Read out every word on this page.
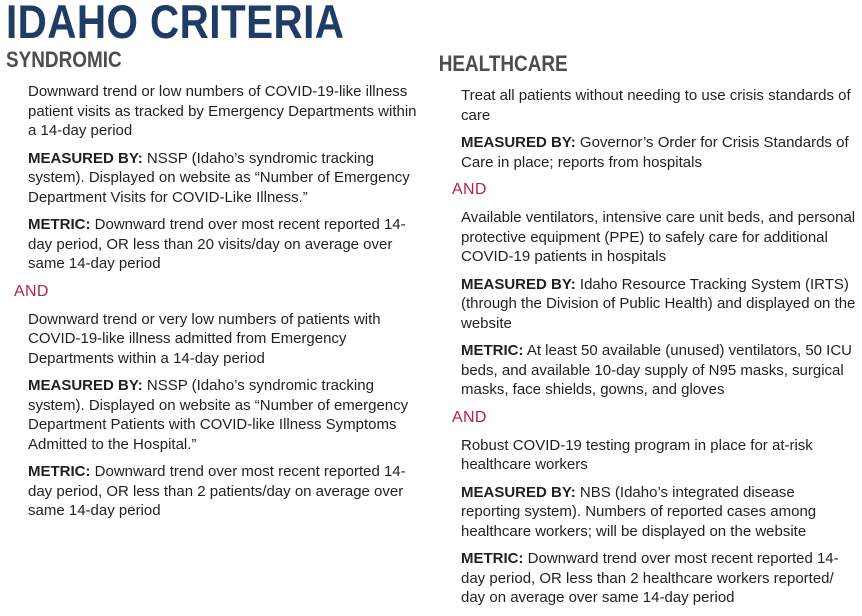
IDAHO CRITERIA
SYNDROMIC

Downward trend or low numbers of COVID-19-like illness patient visits as tracked by Emergency Departments within a 14-day period

MEASURED BY: NSSP (Idaho’s syndromic tracking system). Displayed on website as “Number of Emergency Department Visits for COVID-Like Illness.”

METRIC: Downward trend over most recent reported 14-day period, OR less than 20 visits/day on average over same 14-day period

AND

Downward trend or very low numbers of patients with COVID-19-like illness admitted from Emergency Departments within a 14-day period

MEASURED BY: NSSP (Idaho’s syndromic tracking system). Displayed on website as “Number of emergency Department Patients with COVID-like Illness Symptoms Admitted to the Hospital.”

METRIC: Downward trend over most recent reported 14-day period, OR less than 2 patients/day on average over same 14-day period

HEALTHCARE

Treat all patients without needing to use crisis standards of care

MEASURED BY: Governor’s Order for Crisis Standards of Care in place; reports from hospitals

AND

Available ventilators, intensive care unit beds, and personal protective equipment (PPE) to safely care for additional COVID-19 patients in hospitals

MEASURED BY: Idaho Resource Tracking System (IRTS) (through the Division of Public Health) and displayed on the website

METRIC: At least 50 available (unused) ventilators, 50 ICU beds, and available 10-day supply of N95 masks, surgical masks, face shields, gowns, and gloves

AND

Robust COVID-19 testing program in place for at-risk healthcare workers

MEASURED BY: NBS (Idaho’s integrated disease reporting system). Numbers of reported cases among healthcare workers; will be displayed on the website

METRIC: Downward trend over most recent reported 14-day period, OR less than 2 healthcare workers reported/ day on average over same 14-day period
